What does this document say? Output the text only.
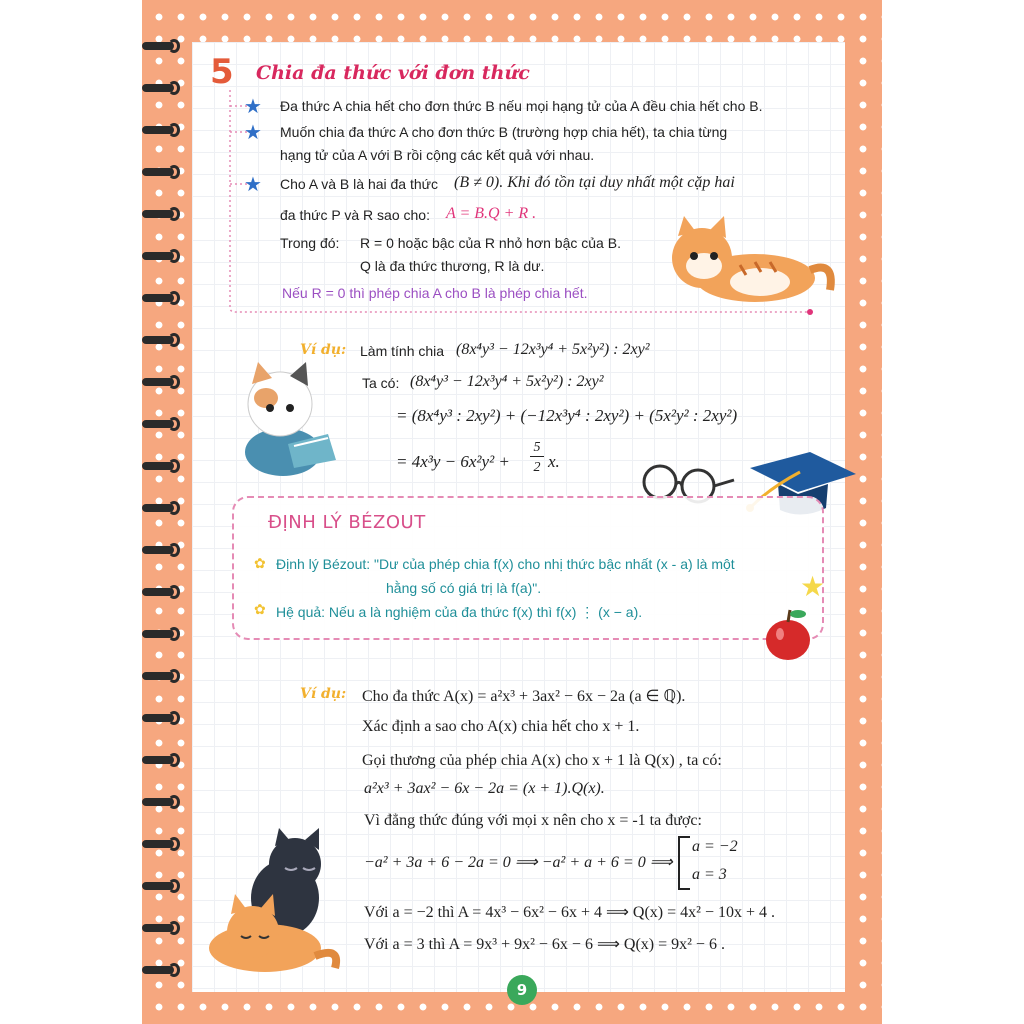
5 Chia đa thức với đơn thức
★
★
★
Đa thức A chia hết cho đơn thức B nếu mọi hạng tử của A đều chia hết cho B.
Muốn chia đa thức A cho đơn thức B (trường hợp chia hết), ta chia từng
hạng tử của A với B rồi cộng các kết quả với nhau.
Cho A và B là hai đa thức (B ≠ 0). Khi đó tồn tại duy nhất một cặp hai
đa thức P và R sao cho: A = B.Q + R .
Trong đó: R = 0 hoặc bậc của R nhỏ hơn bậc của B.
Q là đa thức thương, R là dư.
Nếu R = 0 thì phép chia A cho B là phép chia hết.
Ví dụ: Làm tính chia (8x⁴y³ − 12x³y⁴ + 5x²y²) : 2xy²
Ta có: (8x⁴y³ − 12x³y⁴ + 5x²y²) : 2xy²
= (8x⁴y³ : 2xy²) + (−12x³y⁴ : 2xy²) + (5x²y² : 2xy²)
= 4x³y − 6x²y² +
5
2 x.
ĐỊNH LÝ BÉZOUT
✿
✿
Định lý Bézout: "Dư của phép chia f(x) cho nhị thức bậc nhất (x - a) là một
hằng số có giá trị là f(a)".
Hệ quả: Nếu a là nghiệm của đa thức f(x) thì f(x) ⋮ (x − a).
★
Ví dụ: Cho đa thức A(x) = a²x³ + 3ax² − 6x − 2a (a ∈ ℚ).
Xác định a sao cho A(x) chia hết cho x + 1.
Gọi thương của phép chia A(x) cho x + 1 là Q(x) , ta có:
a²x³ + 3ax² − 6x − 2a = (x + 1).Q(x).
Vì đẳng thức đúng với mọi x nên cho x = -1 ta được:
−a² + 3a + 6 − 2a = 0 ⟹ −a² + a + 6 = 0 ⟹
a = −2
a = 3
Với a = −2 thì A = 4x³ − 6x² − 6x + 4 ⟹ Q(x) = 4x² − 10x + 4 .
Với a = 3 thì A = 9x³ + 9x² − 6x − 6 ⟹ Q(x) = 9x² − 6 .
9
